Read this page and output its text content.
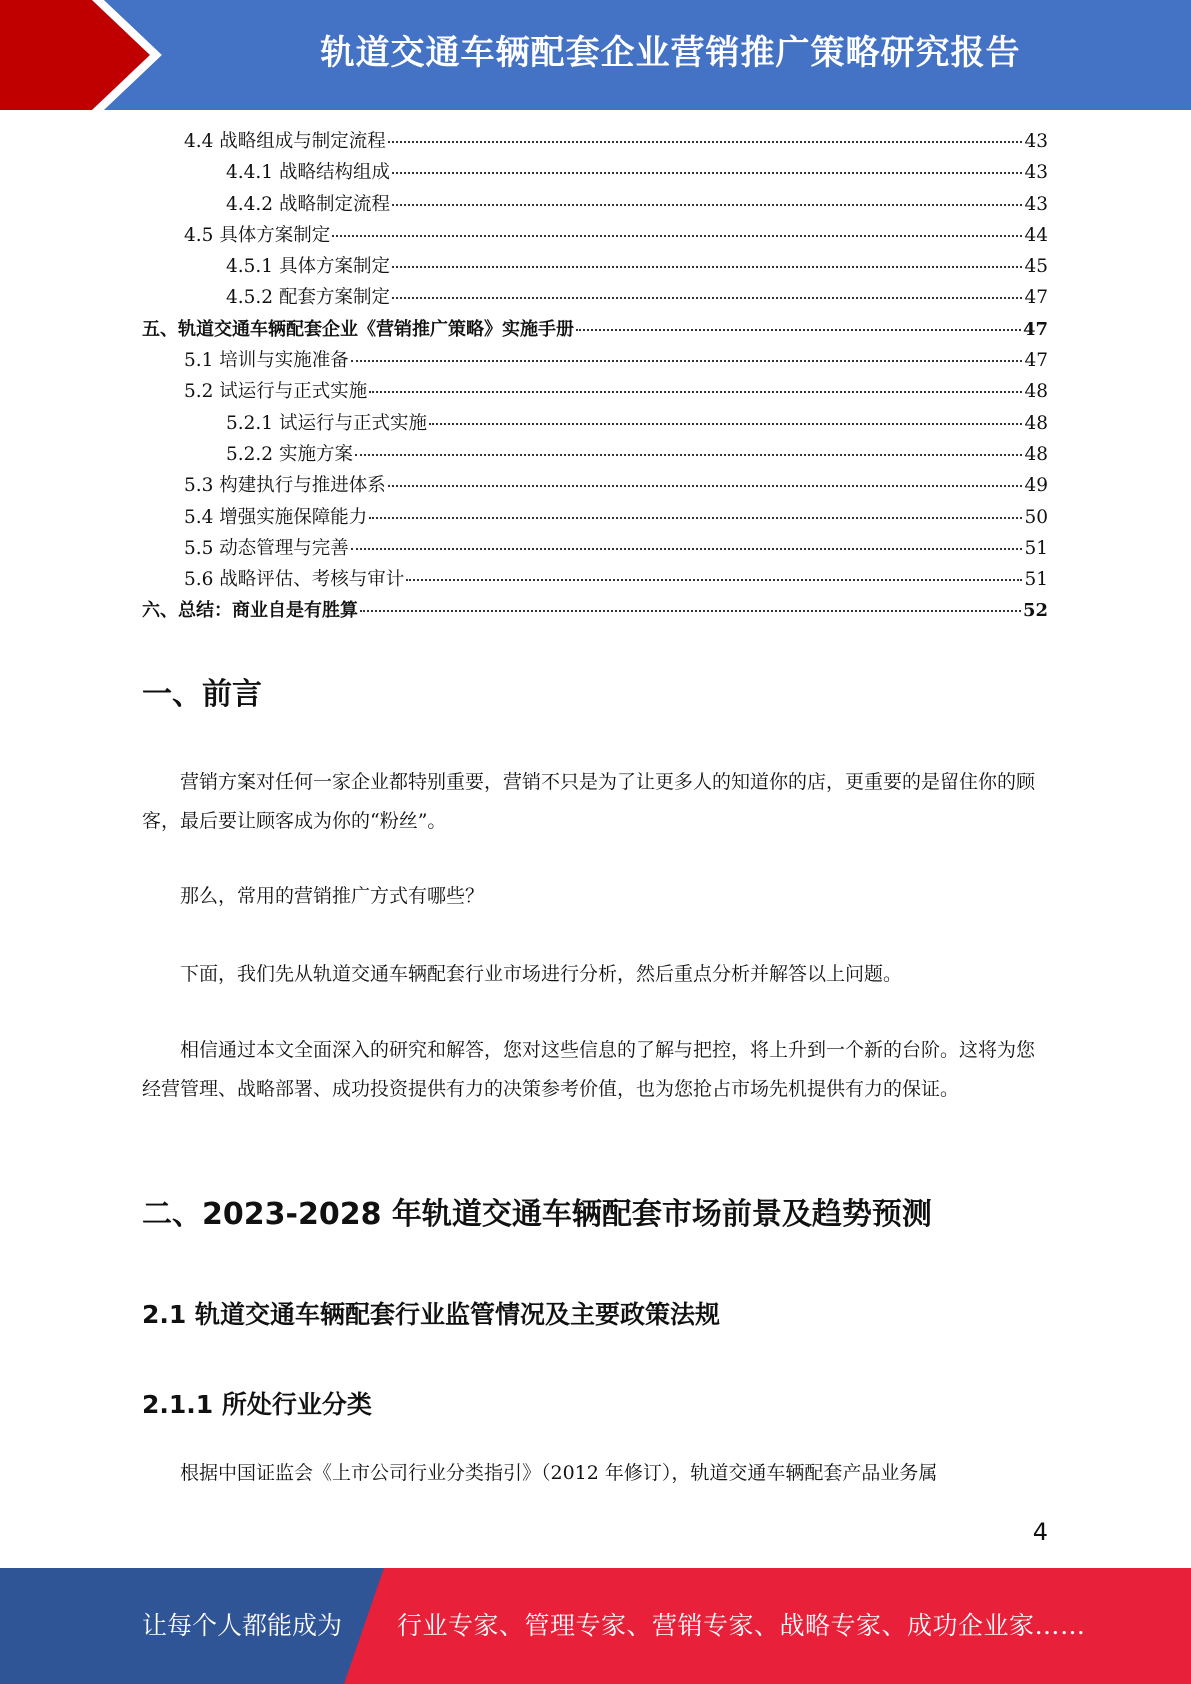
轨道交通车辆配套企业营销推广策略研究报告
4.4 战略组成与制定流程	43
4.4.1 战略结构组成	43
4.4.2 战略制定流程	43
4.5 具体方案制定	44
4.5.1 具体方案制定	45
4.5.2 配套方案制定	47
五、轨道交通车辆配套企业《营销推广策略》实施手册	47
5.1 培训与实施准备	47
5.2 试运行与正式实施	48
5.2.1 试运行与正式实施	48
5.2.2 实施方案	48
5.3 构建执行与推进体系	49
5.4 增强实施保障能力	50
5.5 动态管理与完善	51
5.6 战略评估、考核与审计	51
六、总结：商业自是有胜算	52
一、前言
营销方案对任何一家企业都特别重要，营销不只是为了让更多人的知道你的店，更重要的是留住你的顾客，最后要让顾客成为你的“粉丝”。
那么，常用的营销推广方式有哪些？
下面，我们先从轨道交通车辆配套行业市场进行分析，然后重点分析并解答以上问题。
相信通过本文全面深入的研究和解答，您对这些信息的了解与把控，将上升到一个新的台阶。这将为您经营管理、战略部署、成功投资提供有力的决策参考价值，也为您抢占市场先机提供有力的保证。
二、2023-2028 年轨道交通车辆配套市场前景及趋势预测
2.1 轨道交通车辆配套行业监管情况及主要政策法规
2.1.1 所处行业分类
根据中国证监会《上市公司行业分类指引》（2012 年修订），轨道交通车辆配套产品业务属
4
让每个人都能成为 行业专家、管理专家、营销专家、战略专家、成功企业家……
